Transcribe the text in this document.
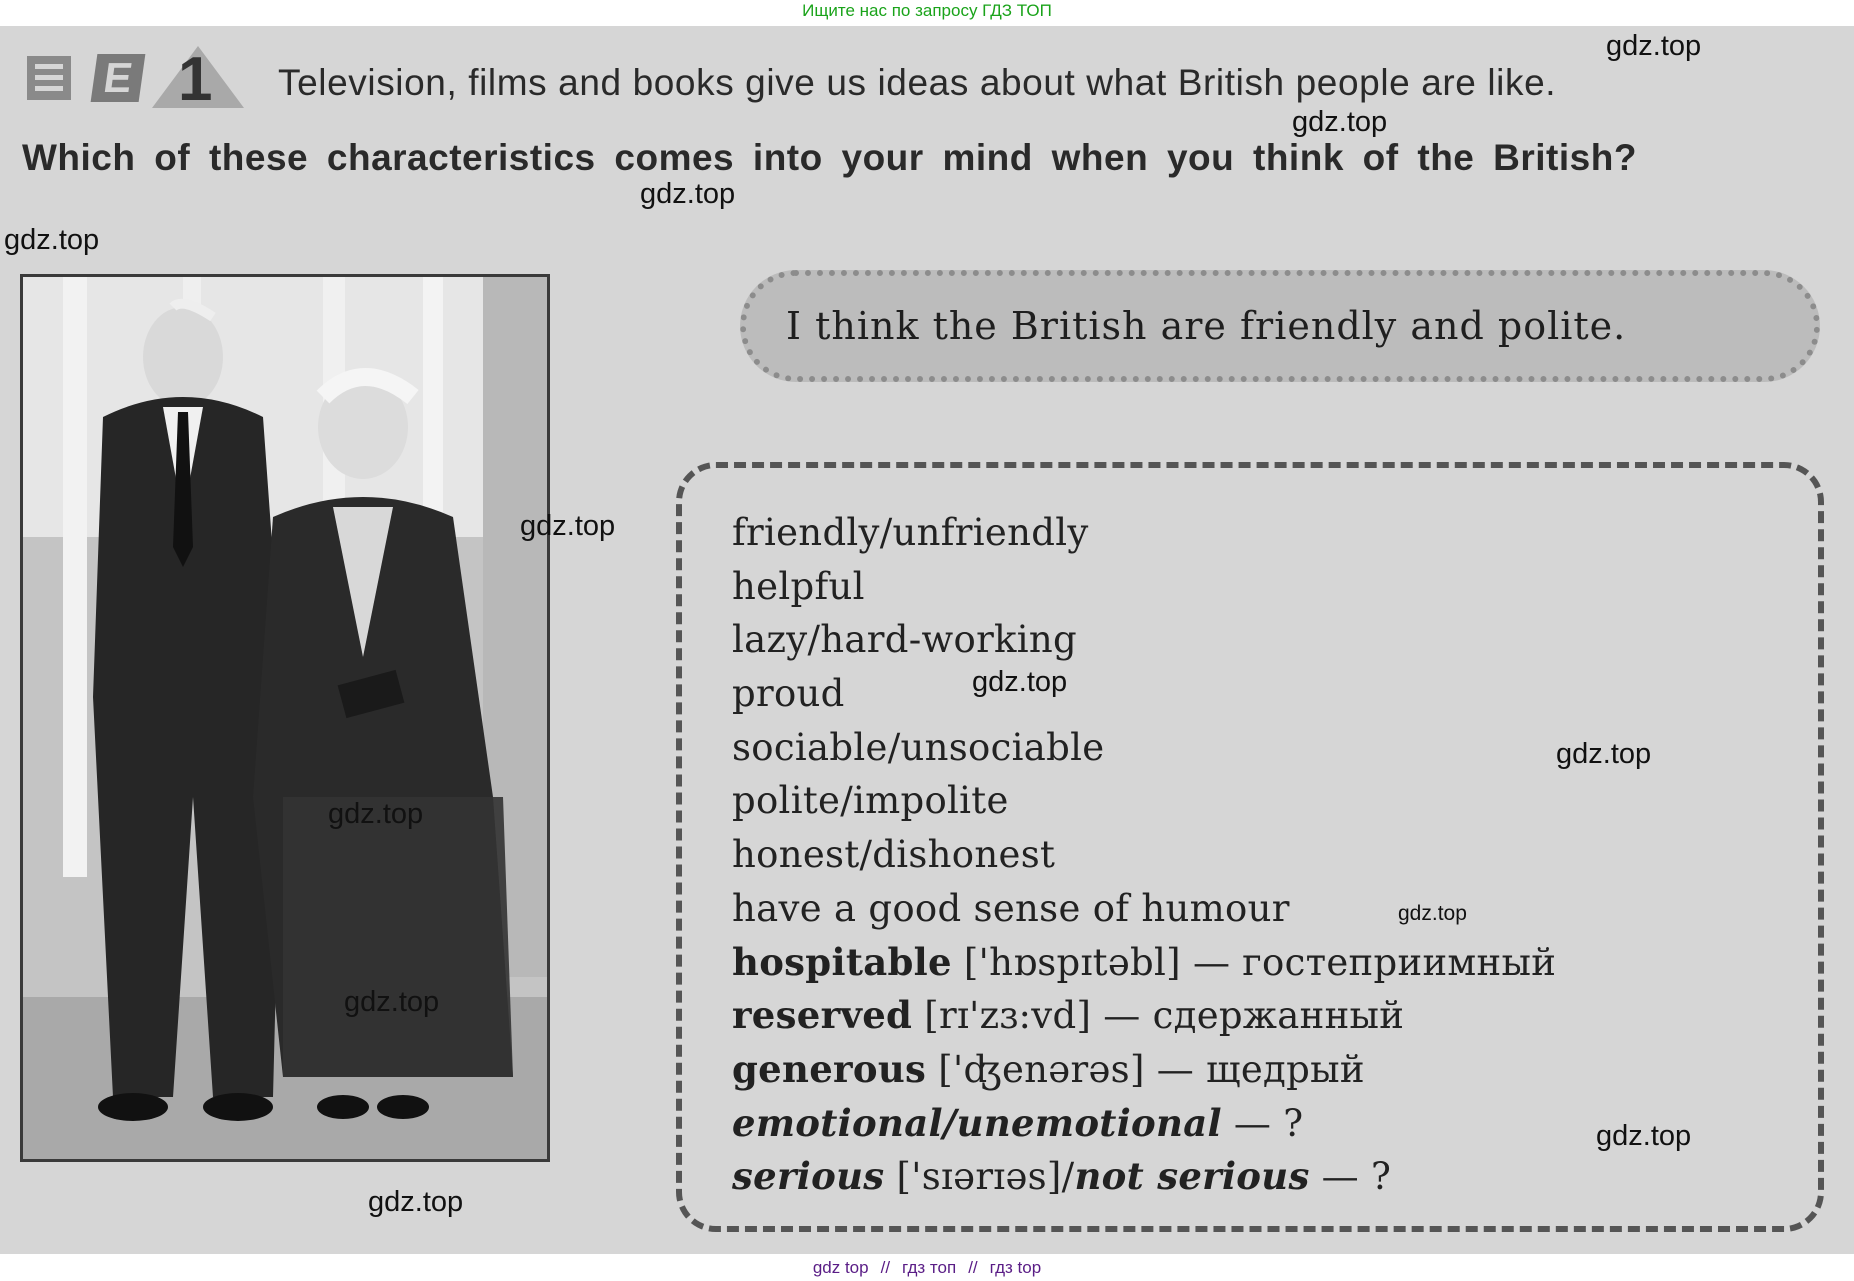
Ищите нас по запросу ГДЗ ТОП
E 1 Television, films and books give us ideas about what British people are like.

Which of these characteristics comes into your mind when you think of the British?

I think the British are friendly and polite.
friendly/unfriendly
helpful
lazy/hard-working
proud
sociable/unsociable
polite/impolite
honest/dishonest
have a good sense of humour
hospitable ['hɒspɪtəbl] — гостеприимный
reserved [rɪ'zɜ:vd] — сдержанный
generous ['ʤenərəs] — щедрый
emotional/unemotional — ?
serious ['sɪərɪəs]/not serious — ?
gdz.top
gdz.top
gdz.top
gdz.top
gdz.top
gdz.top
gdz.top
gdz.top
gdz.top
gdz.top
gdz.top
gdz.top
gdz top // гдз топ // гдз top
